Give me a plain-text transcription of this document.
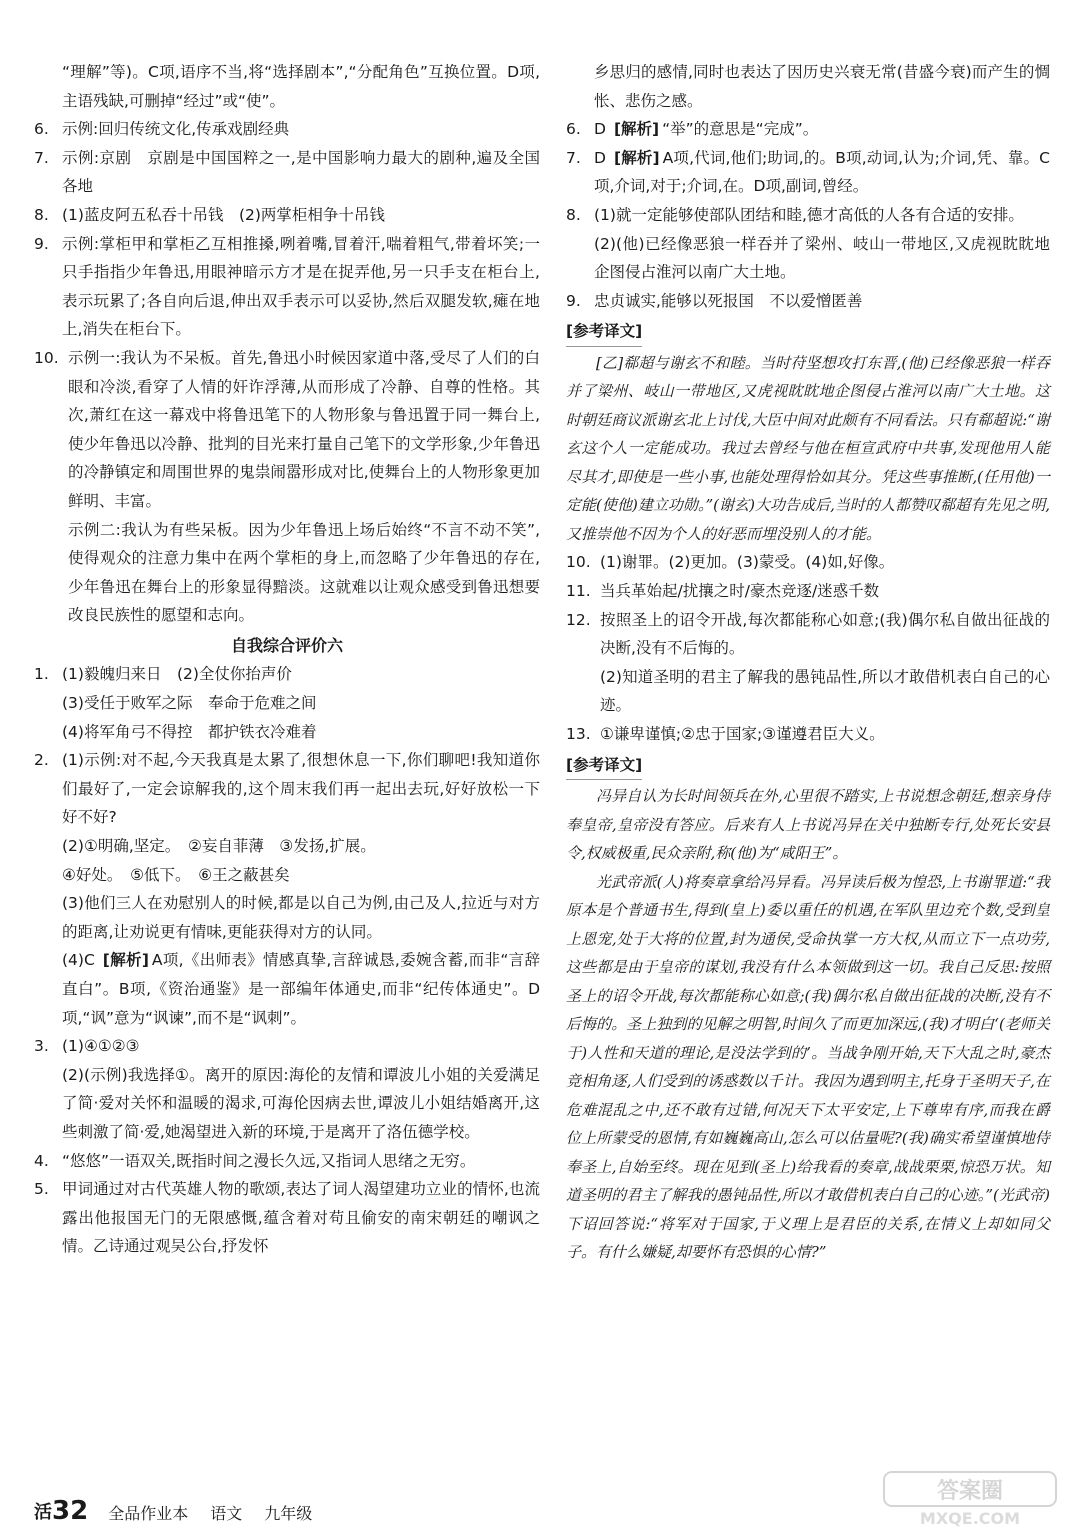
“理解”等)。C项,语序不当,将“选择剧本”,“分配角色”互换位置。D项,主语残缺,可删掉“经过”或“使”。
6. 示例:回归传统文化,传承戏剧经典
7. 示例:京剧　京剧是中国国粹之一,是中国影响力最大的剧种,遍及全国各地
8. (1)蓝皮阿五私吞十吊钱　(2)两掌柜相争十吊钱
9. 示例:掌柜甲和掌柜乙互相推搡,咧着嘴,冒着汗,喘着粗气,带着坏笑;一只手指指少年鲁迅,用眼神暗示方才是在捉弄他,另一只手支在柜台上,表示玩累了;各自向后退,伸出双手表示可以妥协,然后双腿发软,瘫在地上,消失在柜台下。
10. 示例一:我认为不呆板。首先,鲁迅小时候因家道中落,受尽了人们的白眼和冷淡,看穿了人情的奸诈浮薄,从而形成了冷静、自尊的性格。其次,萧红在这一幕戏中将鲁迅笔下的人物形象与鲁迅置于同一舞台上,使少年鲁迅以冷静、批判的目光来打量自己笔下的文学形象,少年鲁迅的冷静镇定和周围世界的鬼祟闹嚣形成对比,使舞台上的人物形象更加鲜明、丰富。
示例二:我认为有些呆板。因为少年鲁迅上场后始终“不言不动不笑”,使得观众的注意力集中在两个掌柜的身上,而忽略了少年鲁迅的存在,少年鲁迅在舞台上的形象显得黯淡。这就难以让观众感受到鲁迅想要改良民族性的愿望和志向。
自我综合评价六
1. (1)毅魄归来日　(2)全仗你抬声价
(3)受任于败军之际　奉命于危难之间
(4)将军角弓不得控　都护铁衣冷难着
2. (1)示例:对不起,今天我真是太累了,很想休息一下,你们聊吧!我知道你们最好了,一定会谅解我的,这个周末我们再一起出去玩,好好放松一下好不好?
(2)①明确,坚定。　②妄自菲薄　③发扬,扩展。
④好处。　⑤低下。　⑥王之蔽甚矣
(3)他们三人在劝慰别人的时候,都是以自己为例,由己及人,拉近与对方的距离,让劝说更有情味,更能获得对方的认同。
(4)C [解析] A项,《出师表》情感真挚,言辞诚恳,委婉含蓄,而非“言辞直白”。B项,《资治通鉴》是一部编年体通史,而非“纪传体通史”。D项,“讽”意为“讽谏”,而不是“讽刺”。
3. (1)④①②③
(2)(示例)我选择①。离开的原因:海伦的友情和谭波儿小姐的关爱满足了简·爱对关怀和温暖的渴求,可海伦因病去世,谭波儿小姐结婚离开,这些刺激了简·爱,她渴望进入新的环境,于是离开了洛伍德学校。
4. “悠悠”一语双关,既指时间之漫长久远,又指词人思绪之无穷。
5. 甲词通过对古代英雄人物的歌颂,表达了词人渴望建功立业的情怀,也流露出他报国无门的无限感慨,蕴含着对苟且偷安的南宋朝廷的嘲讽之情。乙诗通过观吴公台,抒发怀
乡思归的感情,同时也表达了因历史兴衰无常(昔盛今衰)而产生的惆怅、悲伤之感。
6. D [解析] “举”的意思是“完成”。
7. D [解析] A项,代词,他们;助词,的。B项,动词,认为;介词,凭、靠。C项,介词,对于;介词,在。D项,副词,曾经。
8. (1)就一定能够使部队团结和睦,德才高低的人各有合适的安排。
(2)(他)已经像恶狼一样吞并了梁州、岐山一带地区,又虎视眈眈地企图侵占淮河以南广大土地。
9. 忠贞诚实,能够以死报国　不以爱憎匿善
[参考译文]

[乙]郗超与谢玄不和睦。当时苻坚想攻打东晋,(他)已经像恶狼一样吞并了梁州、岐山一带地区,又虎视眈眈地企图侵占淮河以南广大土地。这时朝廷商议派谢玄北上讨伐,大臣中间对此颇有不同看法。只有郗超说:“谢玄这个人一定能成功。我过去曾经与他在桓宣武府中共事,发现他用人能尽其才,即使是一些小事,也能处理得恰如其分。凭这些事推断,(任用他)一定能(使他)建立功勋。”(谢玄)大功告成后,当时的人都赞叹郗超有先见之明,又推崇他不因为个人的好恶而埋没别人的才能。

10. (1)谢罪。(2)更加。(3)蒙受。(4)如,好像。
11. 当兵革始起/扰攘之时/豪杰竞逐/迷惑千数
12. 按照圣上的诏令开战,每次都能称心如意;(我)偶尔私自做出征战的决断,没有不后悔的。
(2)知道圣明的君主了解我的愚钝品性,所以才敢借机表白自己的心迹。
13. ①谦卑谨慎;②忠于国家;③谨遵君臣大义。
[参考译文]

冯异自认为长时间领兵在外,心里很不踏实,上书说想念朝廷,想亲身侍奉皇帝,皇帝没有答应。后来有人上书说冯异在关中独断专行,处死长安县令,权威极重,民众亲附,称(他)为“咸阳王”。

光武帝派(人)将奏章拿给冯异看。冯异读后极为惶恐,上书谢罪道:“我原本是个普通书生,得到(皇上)委以重任的机遇,在军队里边充个数,受到皇上恩宠,处于大将的位置,封为通侯,受命执掌一方大权,从而立下一点功劳,这些都是由于皇帝的谋划,我没有什么本领做到这一切。我自己反思:按照圣上的诏令开战,每次都能称心如意;(我)偶尔私自做出征战的决断,没有不后悔的。圣上独到的见解之明智,时间久了而更加深远,(我)才明白‘(老师关于)人性和天道的理论,是没法学到的’。当战争刚开始,天下大乱之时,豪杰竞相角逐,人们受到的诱惑数以千计。我因为遇到明主,托身于圣明天子,在危难混乱之中,还不敢有过错,何况天下太平安定,上下尊卑有序,而我在爵位上所蒙受的恩情,有如巍巍高山,怎么可以估量呢?(我)确实希望谨慎地侍奉圣上,自始至终。现在见到(圣上)给我看的奏章,战战栗栗,惊恐万状。知道圣明的君主了解我的愚钝品性,所以才敢借机表白自己的心迹。”(光武帝)下诏回答说:“将军对于国家,于义理上是君臣的关系,在情义上却如同父子。有什么嫌疑,却要怀有恐惧的心情?”

活 32 全品作业本 语文 九年级
答案圈
MXQE.COM
